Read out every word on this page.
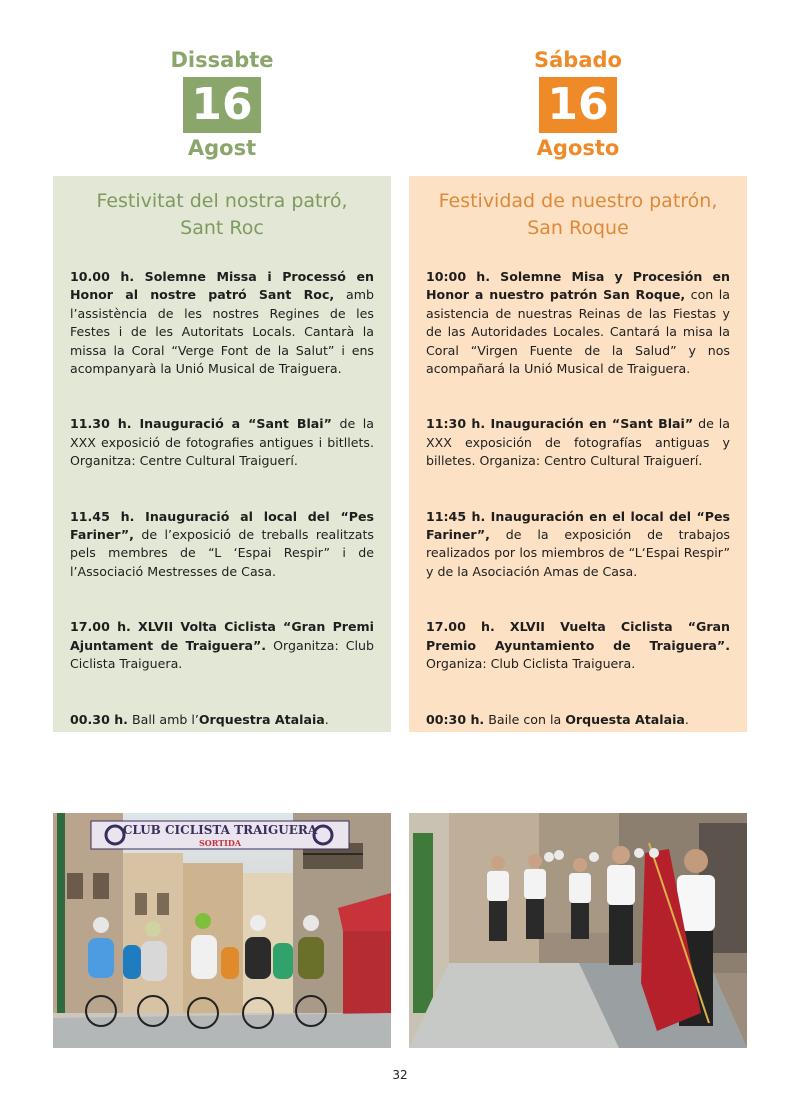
Dissabte
16
Agost
Festivitat del nostra patró,
Sant Roc

10.00 h. Solemne Missa i Processó en Honor al nostre patró Sant Roc, amb l’assistència de les nostres Regines de les Festes i de les Autoritats Locals. Cantarà la missa la Coral “Verge Font de la Salut” i ens acompanyarà la Unió Musical de Traiguera.

11.30 h. Inauguració a “Sant Blai” de la XXX exposició de fotografies antigues i bitllets. Organitza: Centre Cultural Traiguerí.

11.45 h. Inauguració al local del “Pes Fariner”, de l’exposició de treballs realitzats pels membres de “L ‘Espai Respir” i de l’Associació Mestresses de Casa.

17.00 h. XLVII Volta Ciclista “Gran Premi Ajuntament de Traiguera”. Organitza: Club Ciclista Traiguera.

00.30 h. Ball amb l’Orquestra Atalaia.

Sábado
16
Agosto
Festividad de nuestro patrón,
San Roque

10:00 h. Solemne Misa y Procesión en Honor a nuestro patrón San Roque, con la asistencia de nuestras Reinas de las Fiestas y de las Autoridades Locales. Cantará la misa la Coral “Virgen Fuente de la Salud” y nos acompañará la Unió Musical de Traiguera.

11:30 h. Inauguración en “Sant Blai” de la XXX exposición de fotografías antiguas y billetes. Organiza: Centro Cultural Traiguerí.

11:45 h. Inauguración en el local del “Pes Fariner”, de la exposición de trabajos realizados por los miembros de “L‘Espai Respir” y de la Asociación Amas de Casa.

17.00 h. XLVII Vuelta Ciclista “Gran Premio Ayuntamiento de Traiguera”. Organiza: Club Ciclista Traiguera.

00:30 h. Baile con la Orquesta Atalaia.

CLUB CICLISTA TRAIGUERA
SORTIDA
32
